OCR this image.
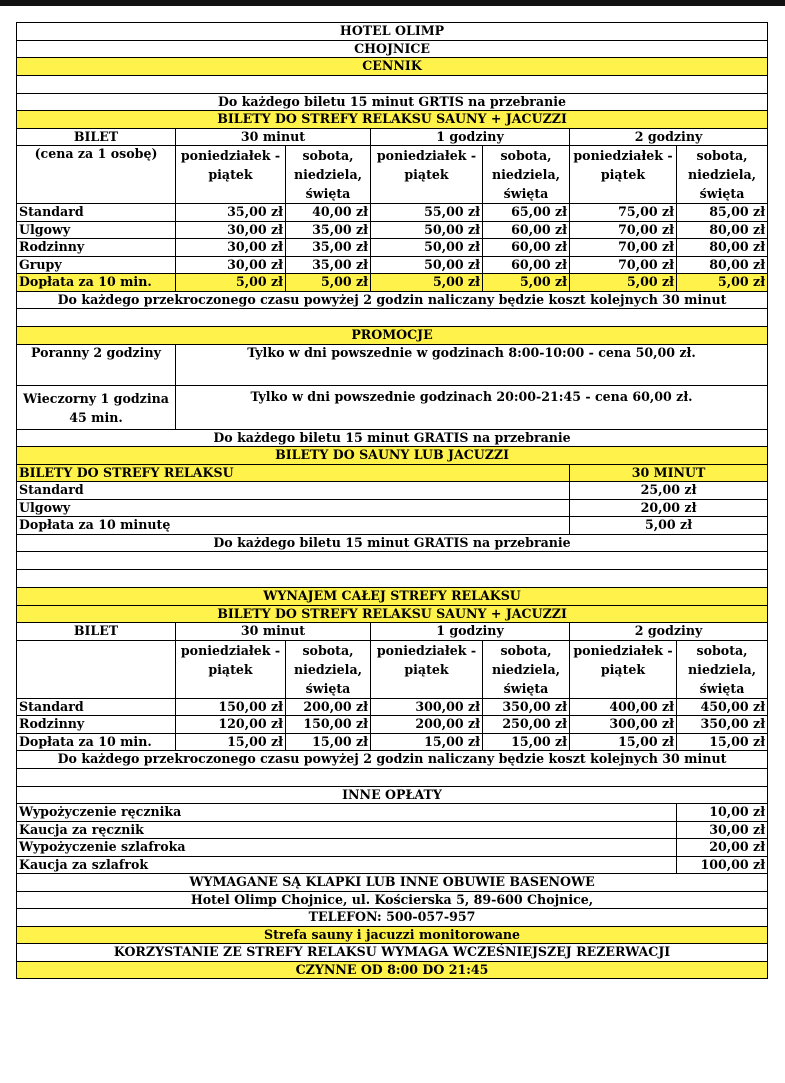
HOTEL OLIMP						
CHOJNICE						
CENNIK						

Do każdego biletu 15 minut GRTIS na przebranie						
BILETY DO STREFY RELAKSU SAUNY + JACUZZI						
BILET	30 minut		1 godziny		2 godziny	
(cena za 1 osobę)	poniedziałek - piątek	sobota, niedziela, święta	poniedziałek - piątek	sobota, niedziela, święta	poniedziałek - piątek	sobota, niedziela, święta
Standard	35,00 zł	40,00 zł	55,00 zł	65,00 zł	75,00 zł	85,00 zł
Ulgowy	30,00 zł	35,00 zł	50,00 zł	60,00 zł	70,00 zł	80,00 zł
Rodzinny	30,00 zł	35,00 zł	50,00 zł	60,00 zł	70,00 zł	80,00 zł
Grupy	30,00 zł	35,00 zł	50,00 zł	60,00 zł	70,00 zł	80,00 zł
Dopłata za 10 min.	5,00 zł	5,00 zł	5,00 zł	5,00 zł	5,00 zł	5,00 zł
Do każdego przekroczonego czasu powyżej 2 godzin naliczany będzie koszt kolejnych 30 minut						

PROMOCJE						
Poranny 2 godziny	Tylko w dni powszednie w godzinach 8:00-10:00 - cena 50,00 zł.					
Wieczorny 1 godzina 45 min.	Tylko w dni powszednie godzinach 20:00-21:45 - cena 60,00 zł.					
Do każdego biletu 15 minut GRATIS na przebranie						
BILETY DO SAUNY LUB JACUZZI						
BILETY DO STREFY RELAKSU					30 MINUT	
Standard					25,00 zł	
Ulgowy					20,00 zł	
Dopłata za 10 minutę					5,00 zł	
Do każdego biletu 15 minut GRATIS na przebranie						

WYNAJEM CAŁEJ STREFY RELAKSU						
BILETY DO STREFY RELAKSU SAUNY + JACUZZI						
BILET	30 minut		1 godziny		2 godziny	
	poniedziałek - piątek	sobota, niedziela, święta	poniedziałek - piątek	sobota, niedziela, święta	poniedziałek - piątek	sobota, niedziela, święta
Standard	150,00 zł	200,00 zł	300,00 zł	350,00 zł	400,00 zł	450,00 zł
Rodzinny	120,00 zł	150,00 zł	200,00 zł	250,00 zł	300,00 zł	350,00 zł
Dopłata za 10 min.	15,00 zł	15,00 zł	15,00 zł	15,00 zł	15,00 zł	15,00 zł
Do każdego przekroczonego czasu powyżej 2 godzin naliczany będzie koszt kolejnych 30 minut						

INNE OPŁATY						
Wypożyczenie ręcznika						10,00 zł
Kaucja za ręcznik						30,00 zł
Wypożyczenie szlafroka						20,00 zł
Kaucja za szlafrok						100,00 zł
WYMAGANE SĄ KLAPKI LUB INNE OBUWIE BASENOWE						
Hotel Olimp Chojnice, ul. Kościerska 5, 89-600 Chojnice,						
TELEFON: 500-057-957						
Strefa sauny i jacuzzi monitorowane						
KORZYSTANIE ZE STREFY RELAKSU WYMAGA WCZEŚNIEJSZEJ REZERWACJI						
CZYNNE OD 8:00 DO 21:45						
